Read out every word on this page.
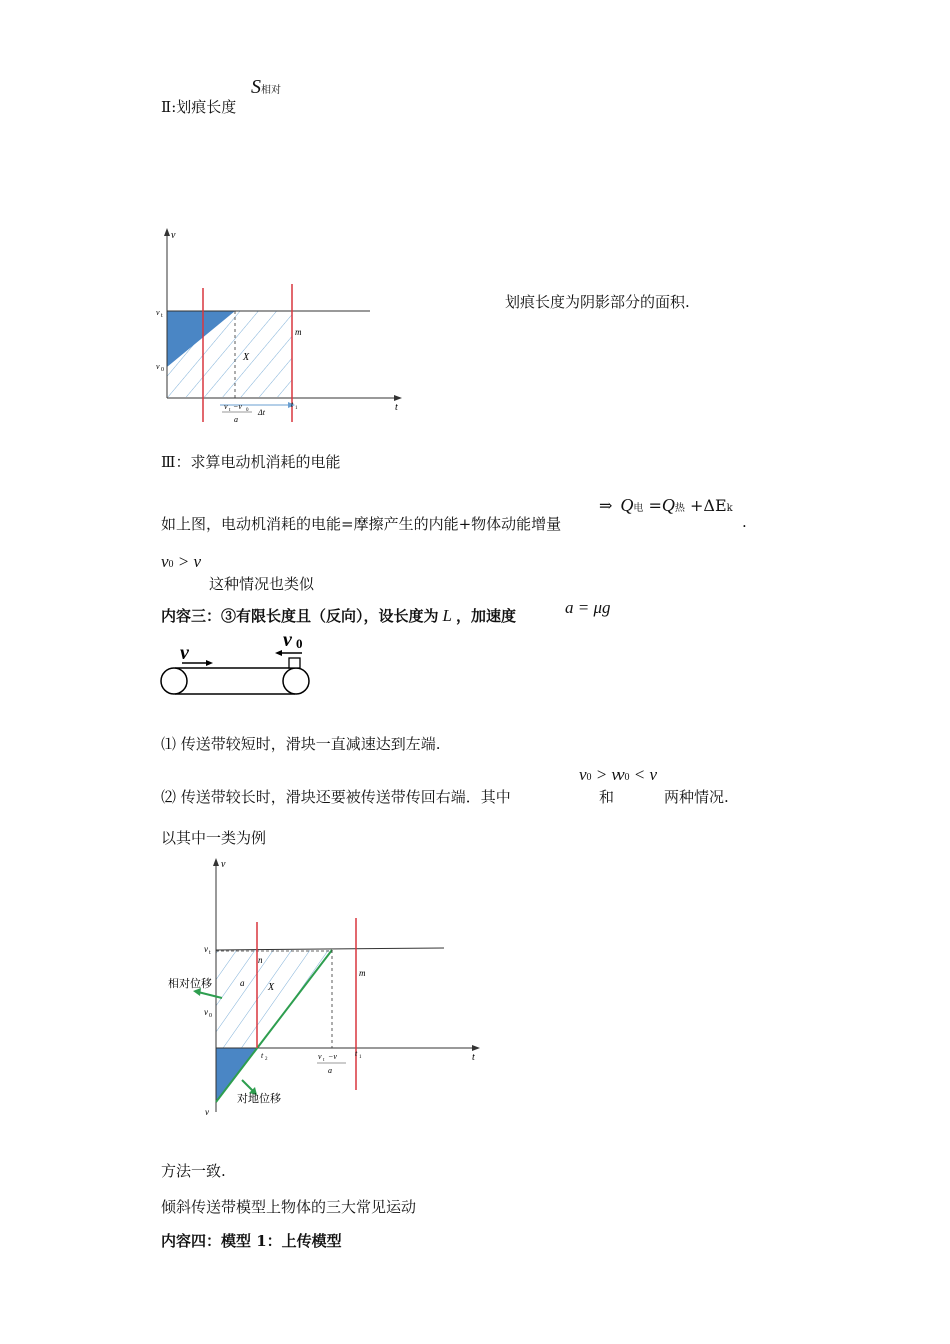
Ⅱ:划痕长度
S相对
v
t
v t
v 0
m
X
v t −v 0
a
Δt
t 1
划痕长度为阴影部分的面积.
Ⅲ：求算电动机消耗的电能
如上图，电动机消耗的电能=摩擦产生的内能+物体动能增量
⇒ Q电 =Q热 +ΔEk
.
v0 > v
这种情况也类似
内容三：③有限长度且（反向），设长度为 L ，加速度	a = μg
v
v 0
⑴ 传送带较短时，滑块一直减速达到左端.
⑵ 传送带较长时，滑块还要被传送带传回右端．其中
v0 > v
和
v0 < v
两种情况.
以其中一类为例
v
t
v t
v 0
v
n
m
a X
相对位移
对地位移
t 2
t 1
v t −v
a
方法一致.
倾斜传送带模型上物体的三大常见运动
内容四：模型 1：上传模型
